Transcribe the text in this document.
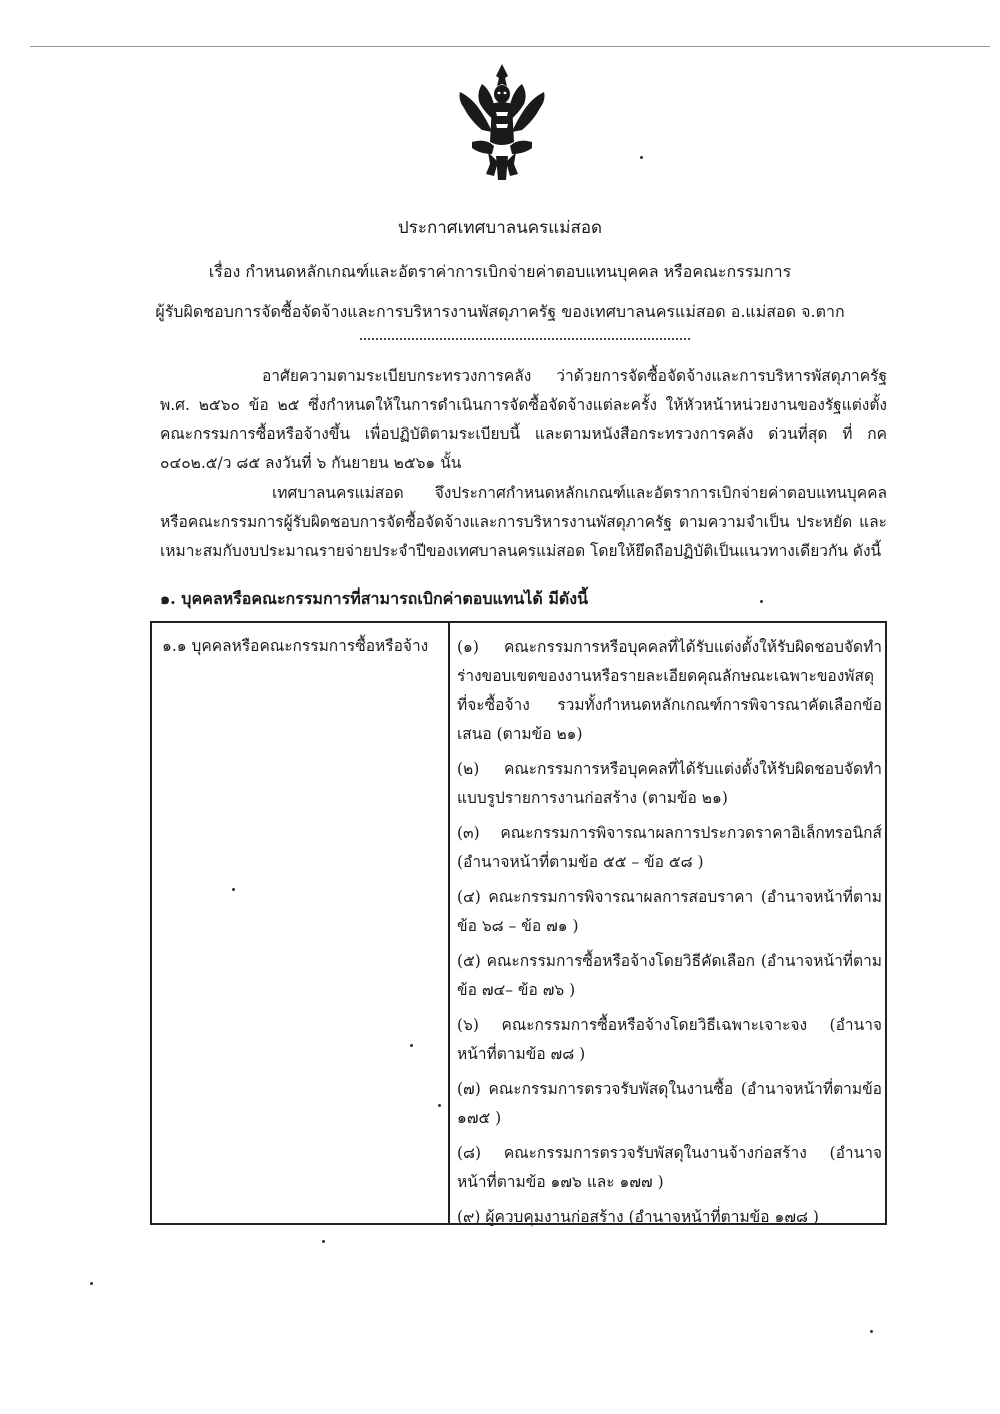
ประกาศเทศบาลนครแม่สอด
เรื่อง กำหนดหลักเกณฑ์และอัตราค่าการเบิกจ่ายค่าตอบแทนบุคคล หรือคณะกรรมการ
ผู้รับผิดชอบการจัดซื้อจัดจ้างและการบริหารงานพัสดุภาครัฐ ของเทศบาลนครแม่สอด อ.แม่สอด จ.ตาก
อาศัยความตามระเบียบกระทรวงการคลัง ว่าด้วยการจัดซื้อจัดจ้างและการบริหารพัสดุภาครัฐ พ.ศ. ๒๕๖๐ ข้อ ๒๕ ซึ่งกำหนดให้ในการดำเนินการจัดซื้อจัดจ้างแต่ละครั้ง ให้หัวหน้าหน่วยงานของรัฐแต่งตั้งคณะกรรมการซื้อหรือจ้างขึ้น เพื่อปฏิบัติตามระเบียบนี้ และตามหนังสือกระทรวงการคลัง ด่วนที่สุด ที่ กค ๐๔๐๒.๕/ว ๘๕ ลงวันที่ ๖ กันยายน ๒๕๖๑ นั้น
เทศบาลนครแม่สอด จึงประกาศกำหนดหลักเกณฑ์และอัตราการเบิกจ่ายค่าตอบแทนบุคคลหรือคณะกรรมการผู้รับผิดชอบการจัดซื้อจัดจ้างและการบริหารงานพัสดุภาครัฐ ตามความจำเป็น ประหยัด และเหมาะสมกับงบประมาณรายจ่ายประจำปีของเทศบาลนครแม่สอด โดยให้ยึดถือปฏิบัติเป็นแนวทางเดียวกัน ดังนี้
๑. บุคคลหรือคณะกรรมการที่สามารถเบิกค่าตอบแทนได้ มีดังนี้
๑.๑ บุคคลหรือคณะกรรมการซื้อหรือจ้าง (๑) คณะกรรมการหรือบุคคลที่ได้รับแต่งตั้งให้รับผิดชอบจัดทำร่างขอบเขตของงานหรือรายละเอียดคุณลักษณะเฉพาะของพัสดุที่จะซื้อจ้าง รวมทั้งกำหนดหลักเกณฑ์การพิจารณาคัดเลือกข้อเสนอ (ตามข้อ ๒๑)
(๒) คณะกรรมการหรือบุคคลที่ได้รับแต่งตั้งให้รับผิดชอบจัดทำแบบรูปรายการงานก่อสร้าง (ตามข้อ ๒๑)
(๓) คณะกรรมการพิจารณาผลการประกวดราคาอิเล็กทรอนิกส์ (อำนาจหน้าที่ตามข้อ ๕๕ – ข้อ ๕๘ )
(๔) คณะกรรมการพิจารณาผลการสอบราคา (อำนาจหน้าที่ตามข้อ ๖๘ – ข้อ ๗๑ )
(๕) คณะกรรมการซื้อหรือจ้างโดยวิธีคัดเลือก (อำนาจหน้าที่ตามข้อ ๗๔– ข้อ ๗๖ )
(๖) คณะกรรมการซื้อหรือจ้างโดยวิธีเฉพาะเจาะจง (อำนาจหน้าที่ตามข้อ ๗๘ )
(๗) คณะกรรมการตรวจรับพัสดุในงานซื้อ (อำนาจหน้าที่ตามข้อ ๑๗๕ )
(๘) คณะกรรมการตรวจรับพัสดุในงานจ้างก่อสร้าง (อำนาจหน้าที่ตามข้อ ๑๗๖ และ ๑๗๗ )
(๙) ผู้ควบคุมงานก่อสร้าง (อำนาจหน้าที่ตามข้อ ๑๗๘ )
